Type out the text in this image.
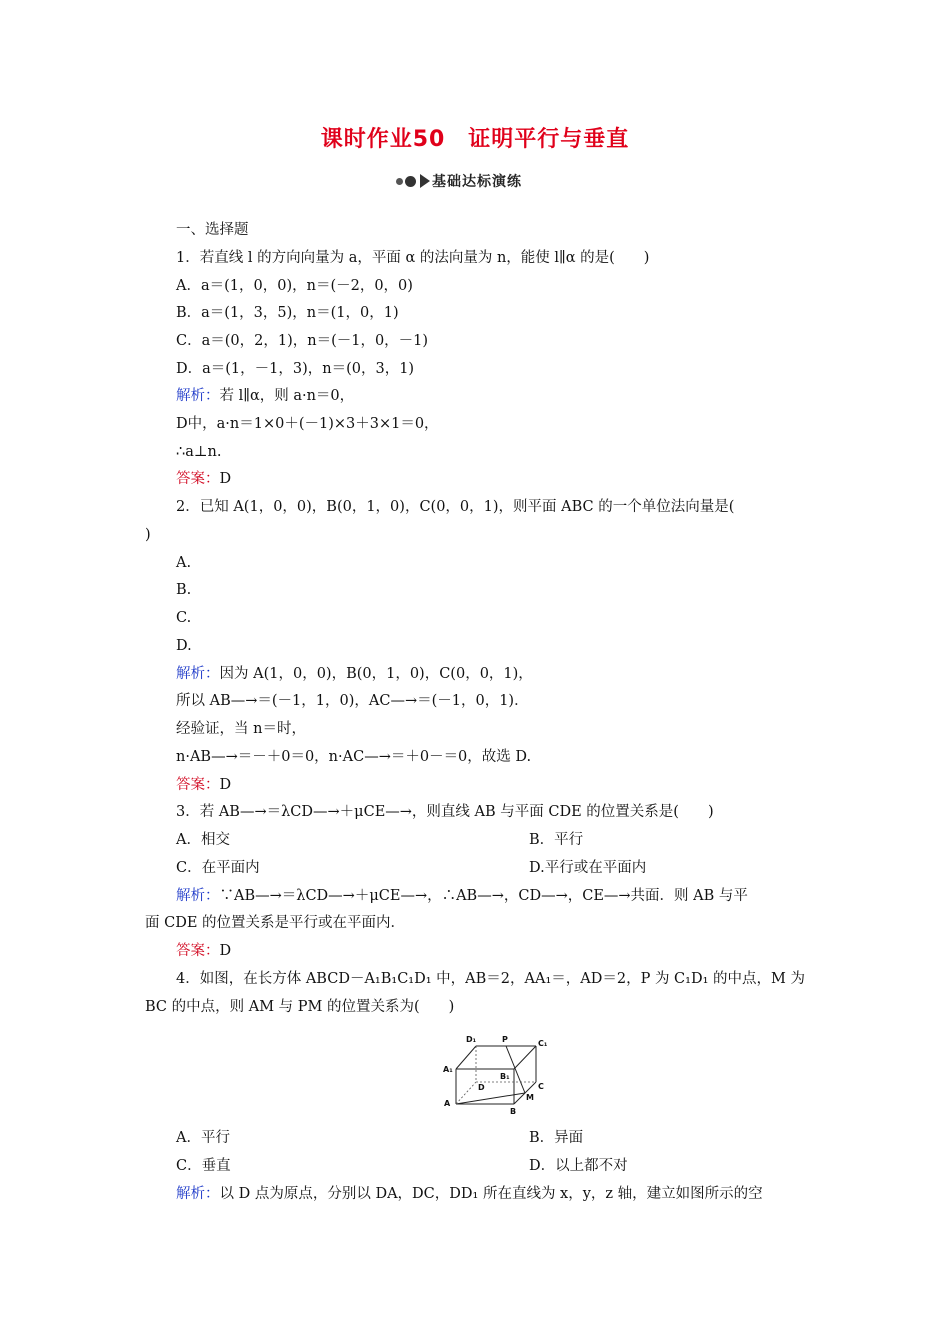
课时作业50　证明平行与垂直
基础达标演练
一、选择题
1．若直线 l 的方向向量为 a，平面 α 的法向量为 n，能使 l∥α 的是(　　)
A．a＝(1，0，0)，n＝(－2，0，0)
B．a＝(1，3，5)，n＝(1，0，1)
C．a＝(0，2，1)，n＝(－1，0，－1)
D．a＝(1，－1，3)，n＝(0，3，1)
解析：若 l∥α，则 a·n＝0，
D中，a·n＝1×0＋(－1)×3＋3×1＝0，
∴a⊥n.
答案：D
2．已知 A(1，0，0)，B(0，1，0)，C(0，0，1)，则平面 ABC 的一个单位法向量是(
)
A.
B.
C.
D.
解析：因为 A(1，0，0)，B(0，1，0)，C(0，0，1)，
所以 AB—→＝(－1，1，0)，AC—→＝(－1，0，1)．
经验证，当 n＝时，
n·AB—→＝－＋0＝0，n·AC—→＝＋0－＝0，故选 D.
答案：D
3．若 AB—→＝λCD—→＋μCE—→，则直线 AB 与平面 CDE 的位置关系是(　　)
A．相交	B．平行
C．在平面内	D.平行或在平面内
解析：∵AB—→＝λCD—→＋μCE—→，∴AB—→，CD—→，CE—→共面．则 AB 与平
面 CDE 的位置关系是平行或在平面内．
答案：D
4．如图，在长方体 ABCD－A₁B₁C₁D₁ 中，AB＝2，AA₁＝，AD＝2，P 为 C₁D₁ 的中点，M 为
BC 的中点，则 AM 与 PM 的位置关系为(　　)
D₁	P	C₁
A₁
B₁
D	C
A
M
B
A．平行	B．异面
C．垂直	D．以上都不对
解析：以 D 点为原点，分别以 DA，DC，DD₁ 所在直线为 x，y，z 轴，建立如图所示的空
